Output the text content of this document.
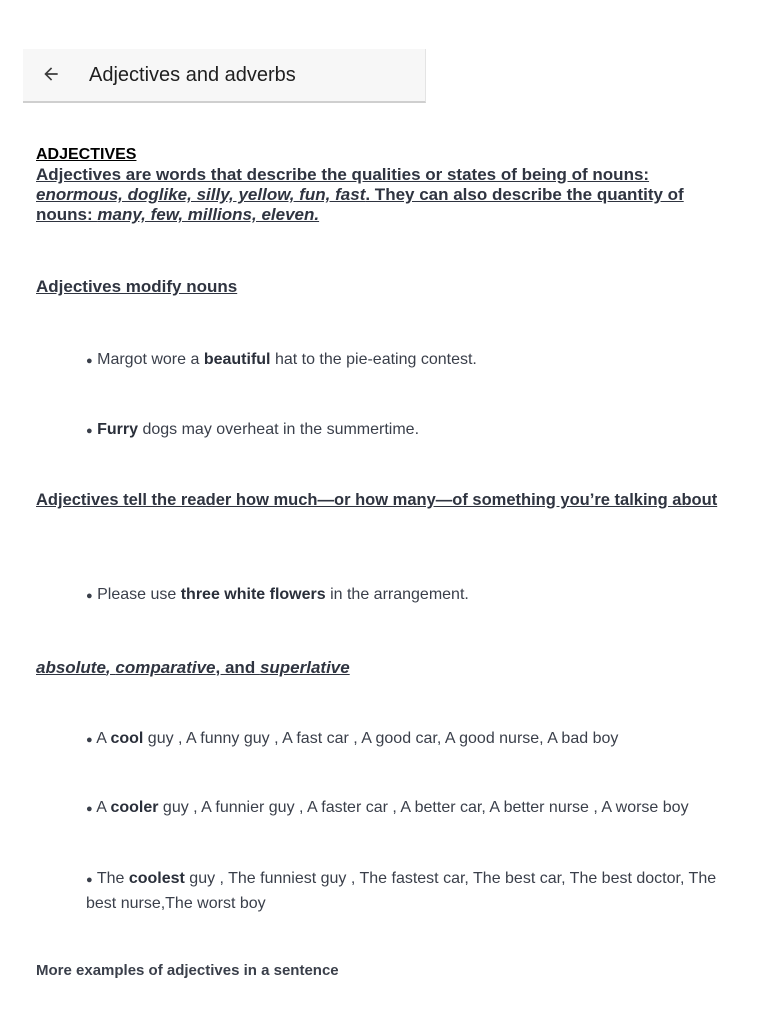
Adjectives and adverbs
ADJECTIVES
Adjectives are words that describe the qualities or states of being of nouns: enormous, doglike, silly, yellow, fun, fast. They can also describe the quantity of nouns: many, few, millions, eleven.
Adjectives modify nouns
● Margot wore a beautiful hat to the pie-eating contest.
● Furry dogs may overheat in the summertime.
Adjectives tell the reader how much—or how many—of something you’re talking about
● Please use three white flowers in the arrangement.
absolute, comparative, and superlative
● A cool guy , A funny guy , A fast car , A good car, A good nurse, A bad boy
● A cooler guy , A funnier guy , A faster car , A better car, A better nurse , A worse boy
● The coolest guy , The funniest guy , The fastest car, The best car, The best doctor, The best nurse,The worst boy
More examples of adjectives in a sentence
